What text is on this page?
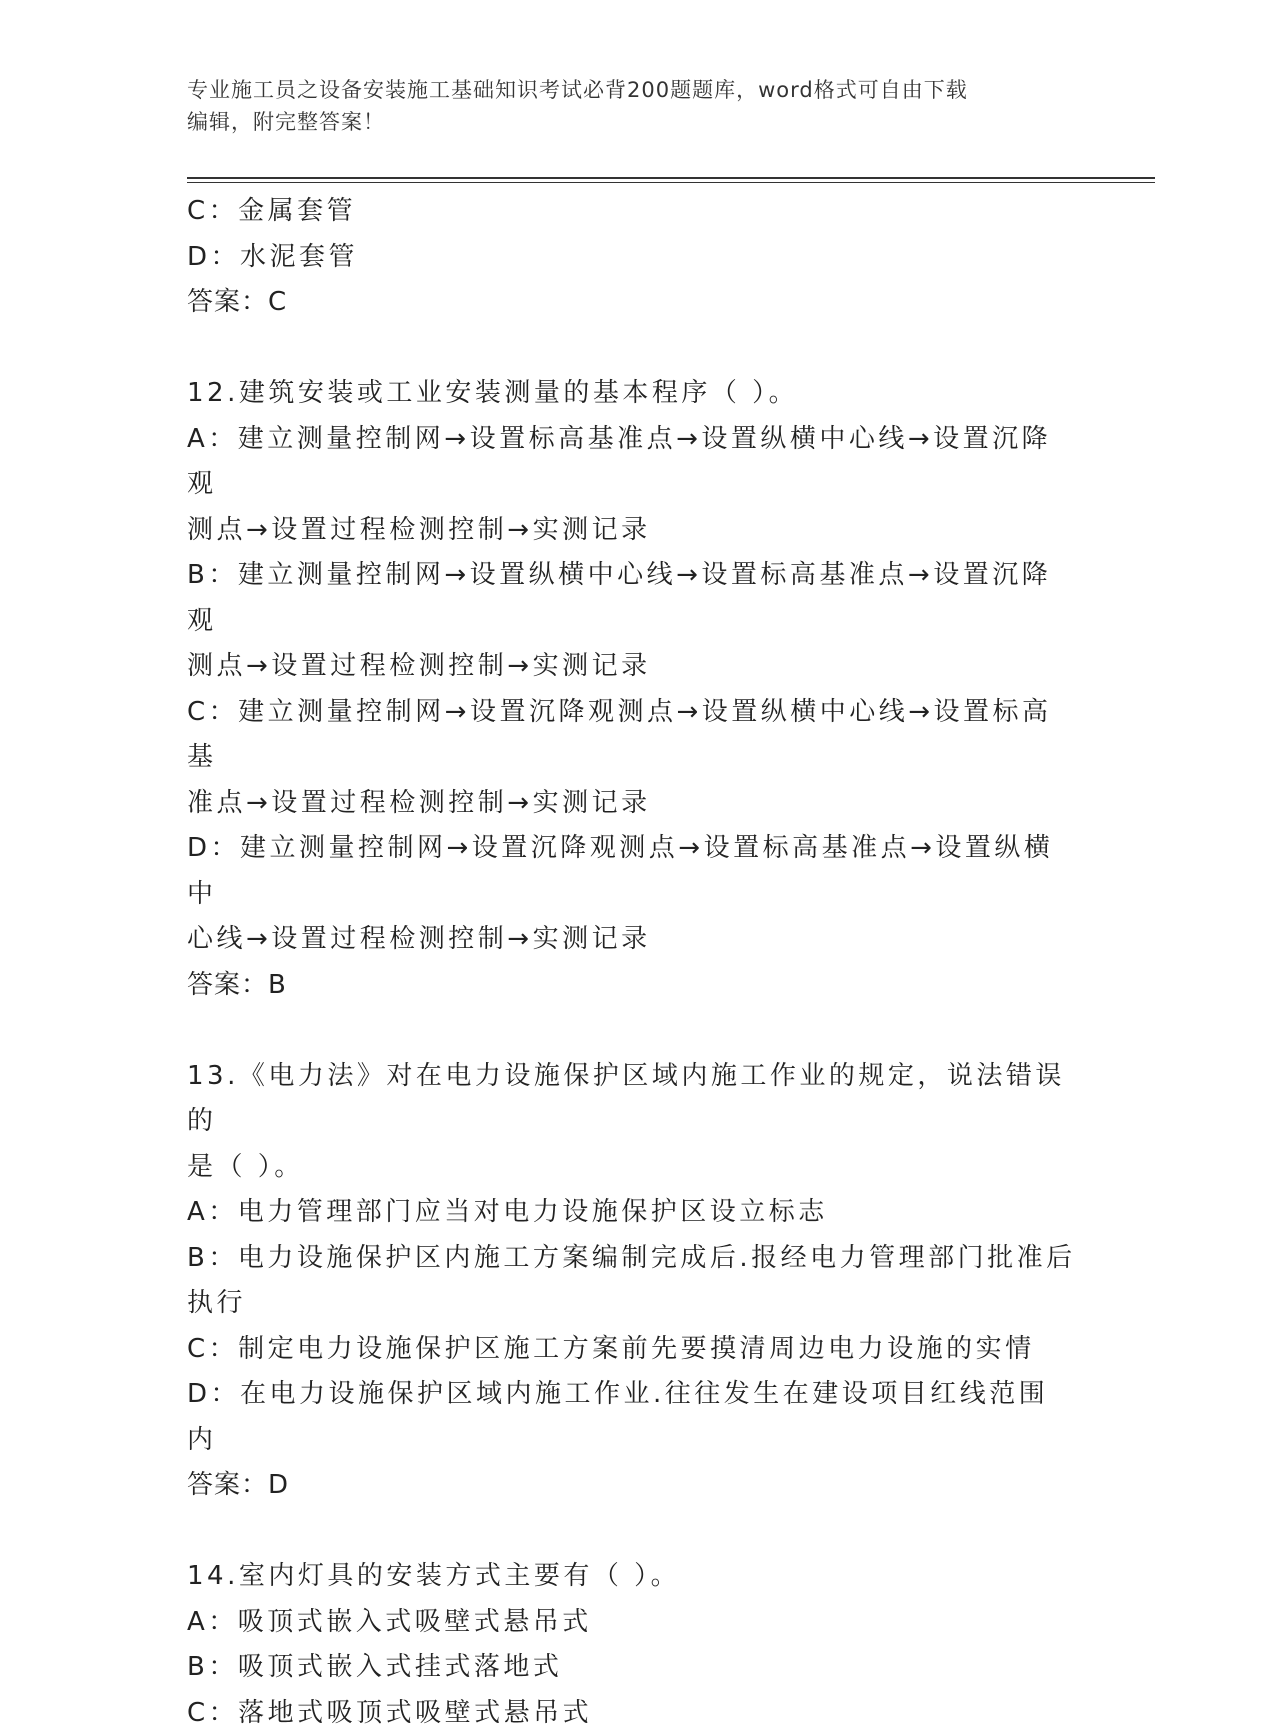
专业施工员之设备安装施工基础知识考试必背200题题库，word格式可自由下载
编辑，附完整答案！
C：金属套管
D：水泥套管
答案：C
12.建筑安装或工业安装测量的基本程序（ ）。
A：建立测量控制网→设置标高基准点→设置纵横中心线→设置沉降观
测点→设置过程检测控制→实测记录
B：建立测量控制网→设置纵横中心线→设置标高基准点→设置沉降观
测点→设置过程检测控制→实测记录
C：建立测量控制网→设置沉降观测点→设置纵横中心线→设置标高基
准点→设置过程检测控制→实测记录
D：建立测量控制网→设置沉降观测点→设置标高基准点→设置纵横中
心线→设置过程检测控制→实测记录
答案：B
13.《电力法》对在电力设施保护区域内施工作业的规定，说法错误的
是（ ）。
A：电力管理部门应当对电力设施保护区设立标志
B：电力设施保护区内施工方案编制完成后.报经电力管理部门批准后
执行
C：制定电力设施保护区施工方案前先要摸清周边电力设施的实情
D：在电力设施保护区域内施工作业.往往发生在建设项目红线范围内
答案：D
14.室内灯具的安装方式主要有（ ）。
A：吸顶式嵌入式吸壁式悬吊式
B：吸顶式嵌入式挂式落地式
C：落地式吸顶式吸壁式悬吊式
